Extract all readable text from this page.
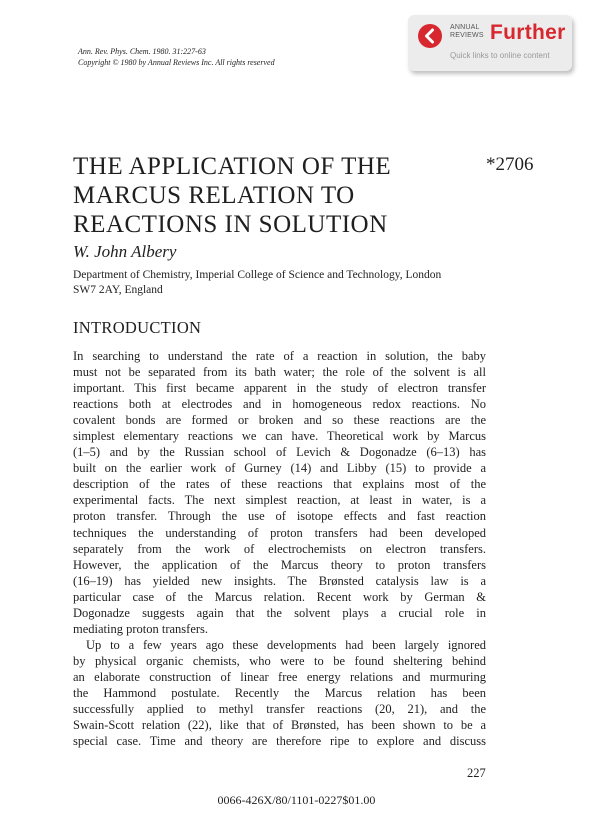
Ann. Rev. Phys. Chem. 1980. 31:227-63
Copyright © 1980 by Annual Reviews Inc. All rights reserved
ANNUAL
REVIEWS Further
Quick links to online content
THE APPLICATION OF THE
MARCUS RELATION TO
REACTIONS IN SOLUTION
*2706
W. John Albery
Department of Chemistry, Imperial College of Science and Technology, London
SW7 2AY, England
INTRODUCTION
In searching to understand the rate of a reaction in solution, the baby
must not be separated from its bath water; the role of the solvent is all
important. This first became apparent in the study of electron transfer
reactions both at electrodes and in homogeneous redox reactions. No
covalent bonds are formed or broken and so these reactions are the
simplest elementary reactions we can have. Theoretical work by Marcus
(1–5) and by the Russian school of Levich & Dogonadze (6–13) has
built on the earlier work of Gurney (14) and Libby (15) to provide a
description of the rates of these reactions that explains most of the
experimental facts. The next simplest reaction, at least in water, is a
proton transfer. Through the use of isotope effects and fast reaction
techniques the understanding of proton transfers had been developed
separately from the work of electrochemists on electron transfers.
However, the application of the Marcus theory to proton transfers
(16–19) has yielded new insights. The Brønsted catalysis law is a
particular case of the Marcus relation. Recent work by German &
Dogonadze suggests again that the solvent plays a crucial role in
mediating proton transfers.
Up to a few years ago these developments had been largely ignored
by physical organic chemists, who were to be found sheltering behind
an elaborate construction of linear free energy relations and murmuring
the Hammond postulate. Recently the Marcus relation has been
successfully applied to methyl transfer reactions (20, 21), and the
Swain-Scott relation (22), like that of Brønsted, has been shown to be a
special case. Time and theory are therefore ripe to explore and discuss
227
0066-426X/80/1101-0227$01.00
